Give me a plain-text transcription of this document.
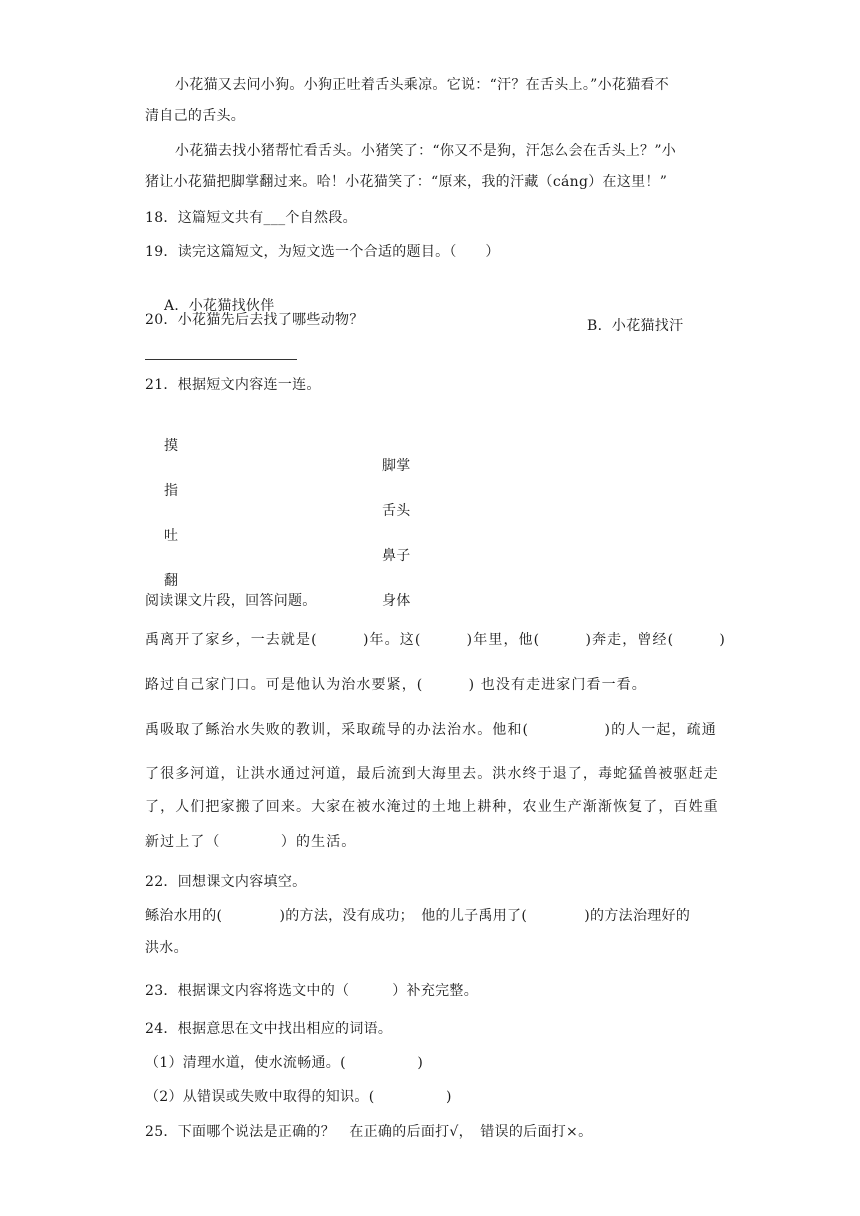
小花猫又去问小狗。小狗正吐着舌头乘凉。它说：“汗？在舌头上。”小花猫看不
清自己的舌头。
小花猫去找小猪帮忙看舌头。小猪笑了：“你又不是狗，汗怎么会在舌头上？”小
猪让小花猫把脚掌翻过来。哈！小花猫笑了：“原来，我的汗藏（cáng）在这里！”
18．这篇短文共有___个自然段。
19．读完这篇短文，为短文选一个合适的题目。（　　）

A．小花猫找伙伴

B．小花猫找汗

20．小花猫先后去找了哪些动物？
21．根据短文内容连一连。

摸

脚掌

指

舌头

吐

鼻子

翻

身体

阅读课文片段，回答问题。
禹离开了家乡，一去就是(　　　)年。这(　　　)年里，他(　　　)奔走，曾经(　　　)
路过自己家门口。可是他认为治水要紧，(　　　) 也没有走进家门看一看。
禹吸取了鲧治水失败的教训，采取疏导的办法治水。他和(　　　　　)的人一起，疏通
了很多河道，让洪水通过河道，最后流到大海里去。洪水终于退了，毒蛇猛兽被驱赶走
了，人们把家搬了回来。大家在被水淹过的土地上耕种，农业生产渐渐恢复了，百姓重
新过上了（　　　　）的生活。
22．回想课文内容填空。
鲧治水用的(　　　　)的方法，没有成功；　他的儿子禹用了(　　　　)的方法治理好的
洪水。
23．根据课文内容将选文中的（　　　）补充完整。
24．根据意思在文中找出相应的词语。
（1）清理水道，使水流畅通。(　　　　　)
（2）从错误或失败中取得的知识。(　　　　　)
25．下面哪个说法是正确的？　在正确的后面打√，　错误的后面打×。
